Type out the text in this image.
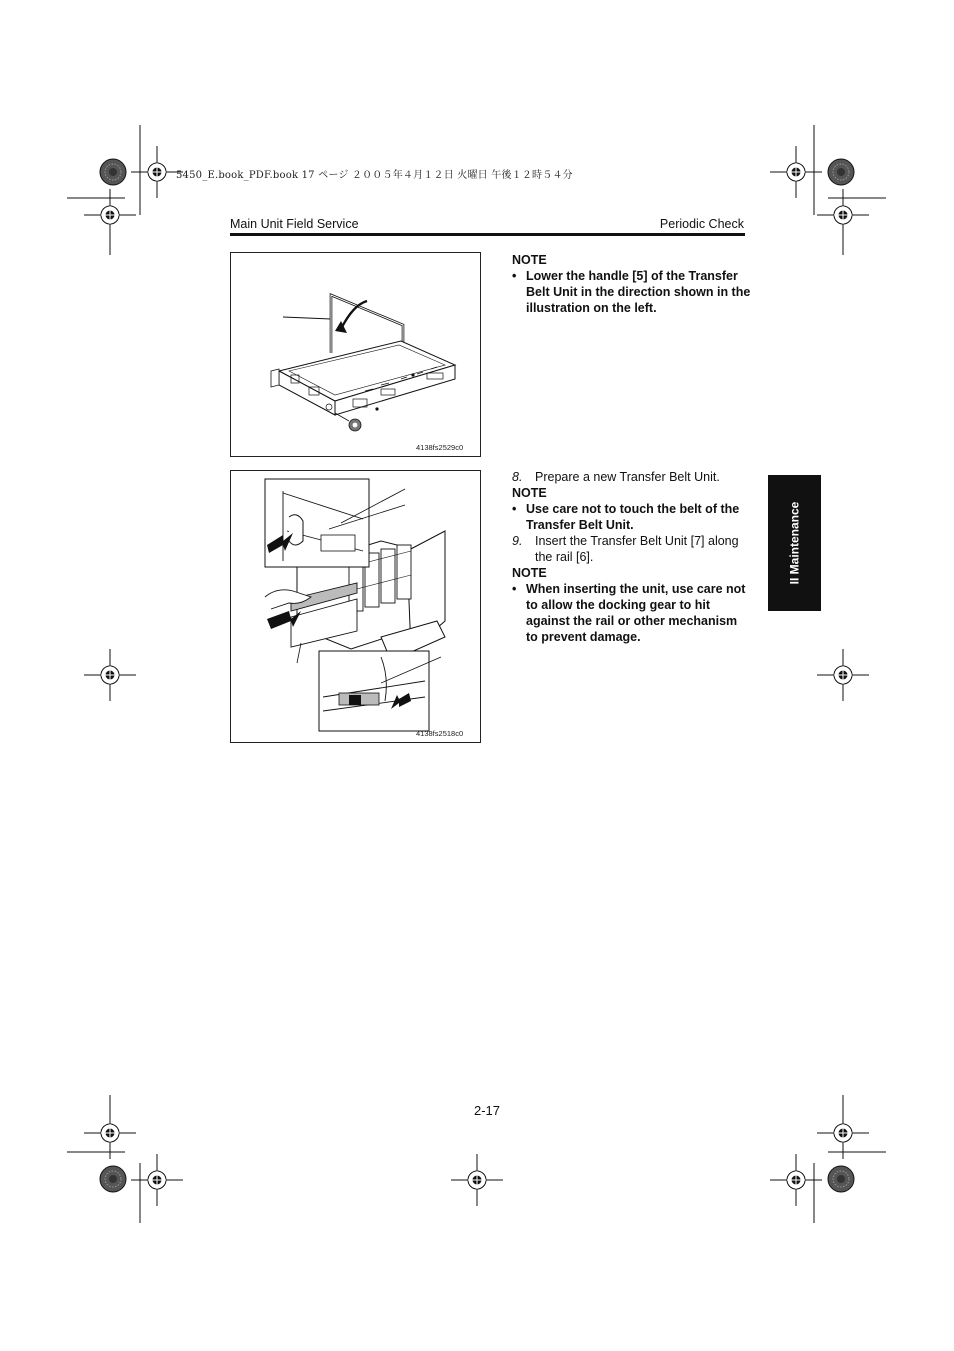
5450_E.book_PDF.book 17 ページ ２００５年４月１２日 火曜日 午後１２時５４分
Main Unit Field Service	Periodic Check
4138fs2529c0
NOTE
• Lower the handle [5] of the Transfer Belt Unit in the direction shown in the illustration on the left.
4138fs2518c0
8. Prepare a new Transfer Belt Unit.
NOTE
• Use care not to touch the belt of the Transfer Belt Unit.
9. Insert the Transfer Belt Unit [7] along the rail [6].
NOTE
• When inserting the unit, use care not to allow the docking gear to hit against the rail or other mechanism to prevent damage.
II Maintenance
2-17
